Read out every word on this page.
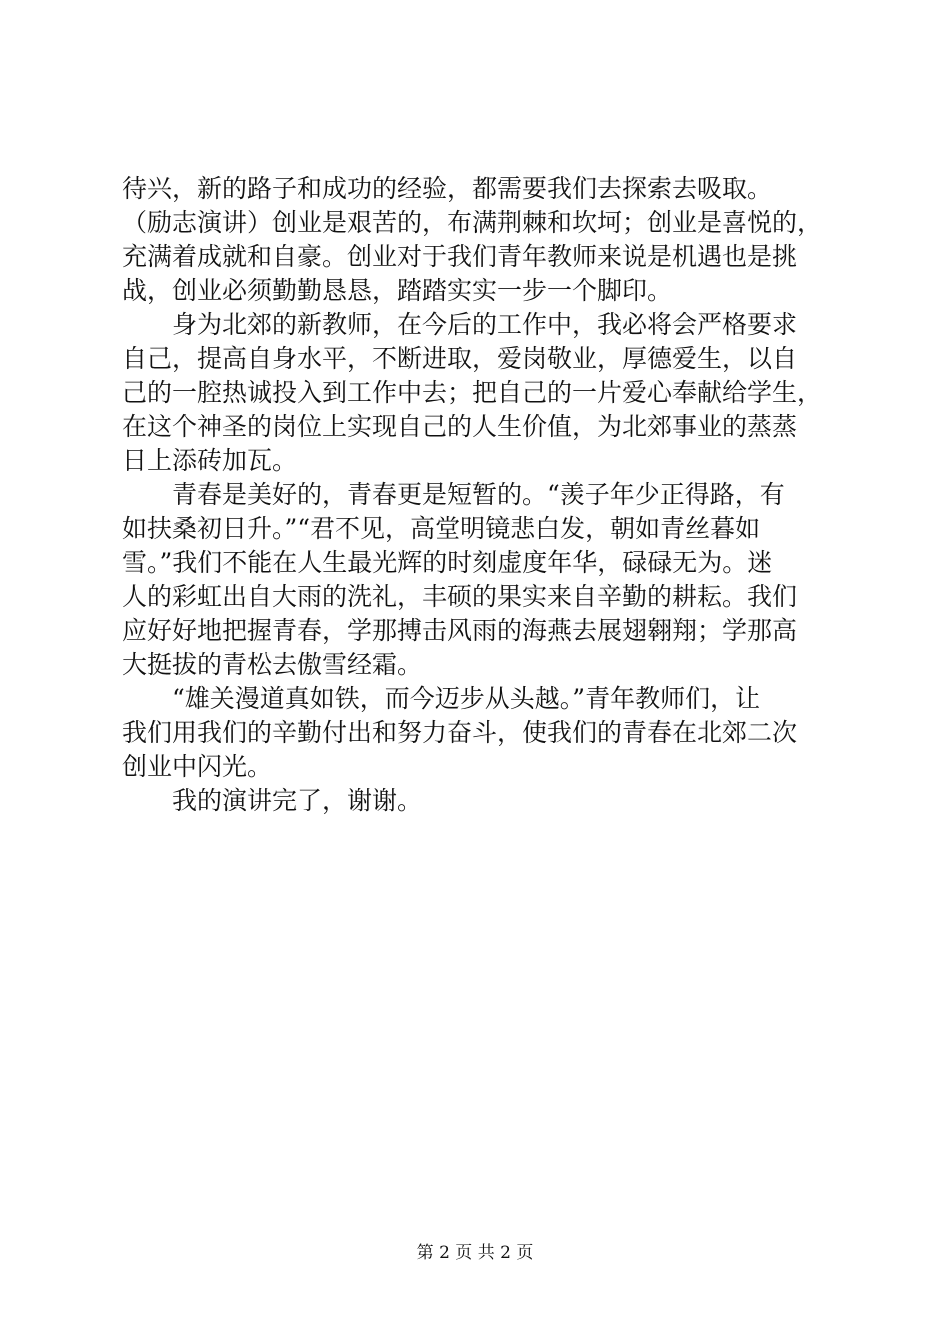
待兴，新的路子和成功的经验，都需要我们去探索去吸取。
（励志演讲）创业是艰苦的，布满荆棘和坎坷；创业是喜悦的，
充满着成就和自豪。创业对于我们青年教师来说是机遇也是挑
战，创业必须勤勤恳恳，踏踏实实一步一个脚印。
身为北郊的新教师，在今后的工作中，我必将会严格要求
自己，提高自身水平，不断进取，爱岗敬业，厚德爱生，以自
己的一腔热诚投入到工作中去；把自己的一片爱心奉献给学生，
在这个神圣的岗位上实现自己的人生价值，为北郊事业的蒸蒸
日上添砖加瓦。
青春是美好的，青春更是短暂的。“羡子年少正得路，有
如扶桑初日升。”“君不见，高堂明镜悲白发，朝如青丝暮如
雪。”我们不能在人生最光辉的时刻虚度年华，碌碌无为。迷
人的彩虹出自大雨的洗礼，丰硕的果实来自辛勤的耕耘。我们
应好好地把握青春，学那搏击风雨的海燕去展翅翱翔；学那高
大挺拔的青松去傲雪经霜。
“雄关漫道真如铁，而今迈步从头越。”青年教师们，让
我们用我们的辛勤付出和努力奋斗，使我们的青春在北郊二次
创业中闪光。
我的演讲完了，谢谢。
第 2 页 共 2 页
